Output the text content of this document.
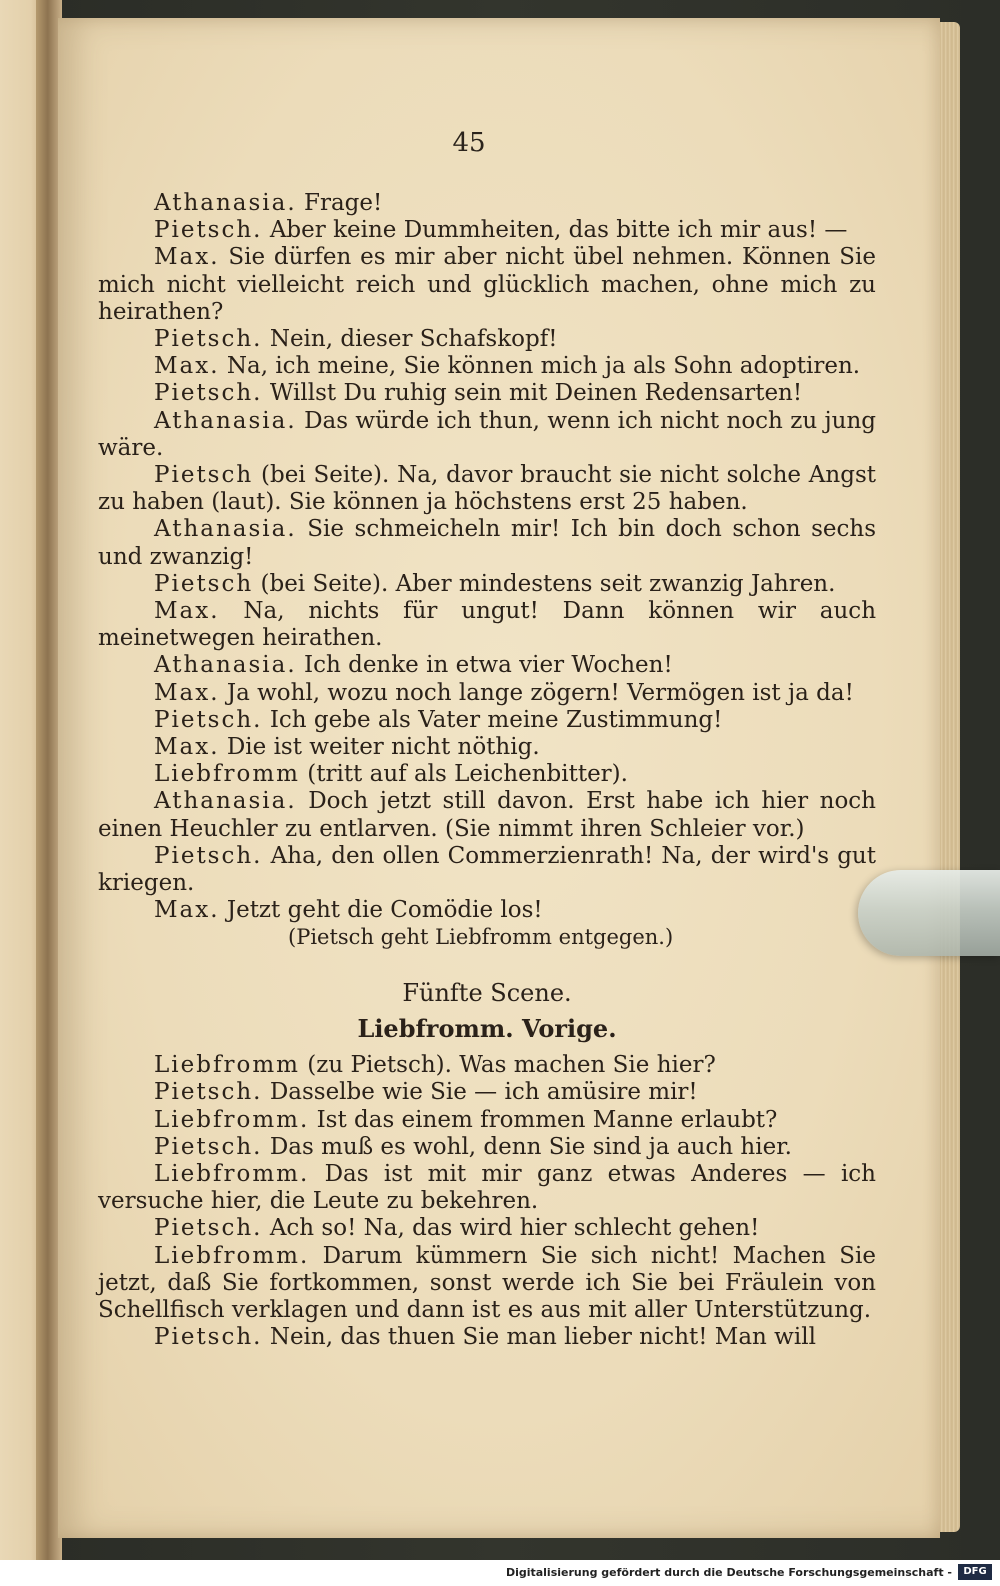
45

Athanasia. Frage!

Pietsch. Aber keine Dummheiten, das bitte ich mir aus! —

Max. Sie dürfen es mir aber nicht übel nehmen. Können Sie mich nicht vielleicht reich und glücklich machen, ohne mich zu heirathen?

Pietsch. Nein, dieser Schafskopf!

Max. Na, ich meine, Sie können mich ja als Sohn adoptiren.

Pietsch. Willst Du ruhig sein mit Deinen Redensarten!

Athanasia. Das würde ich thun, wenn ich nicht noch zu jung wäre.

Pietsch (bei Seite). Na, davor braucht sie nicht solche Angst zu haben (laut). Sie können ja höchstens erst 25 haben.

Athanasia. Sie schmeicheln mir! Ich bin doch schon sechs und zwanzig!

Pietsch (bei Seite). Aber mindestens seit zwanzig Jahren.

Max. Na, nichts für ungut! Dann können wir auch meinetwegen heirathen.

Athanasia. Ich denke in etwa vier Wochen!

Max. Ja wohl, wozu noch lange zögern! Vermögen ist ja da!

Pietsch. Ich gebe als Vater meine Zustimmung!

Max. Die ist weiter nicht nöthig.

Liebfromm (tritt auf als Leichenbitter).

Athanasia. Doch jetzt still davon. Erst habe ich hier noch einen Heuchler zu entlarven. (Sie nimmt ihren Schleier vor.)

Pietsch. Aha, den ollen Commerzienrath! Na, der wird's gut kriegen.

Max. Jetzt geht die Comödie los!

(Pietsch geht Liebfromm entgegen.)

Fünfte Scene.

Liebfromm. Vorige.

Liebfromm (zu Pietsch). Was machen Sie hier?

Pietsch. Dasselbe wie Sie — ich amüsire mir!

Liebfromm. Ist das einem frommen Manne erlaubt?

Pietsch. Das muß es wohl, denn Sie sind ja auch hier.

Liebfromm. Das ist mit mir ganz etwas Anderes — ich versuche hier, die Leute zu bekehren.

Pietsch. Ach so! Na, das wird hier schlecht gehen!

Liebfromm. Darum kümmern Sie sich nicht! Machen Sie jetzt, daß Sie fortkommen, sonst werde ich Sie bei Fräulein von Schellfisch verklagen und dann ist es aus mit aller Unterstützung.

Pietsch. Nein, das thuen Sie man lieber nicht! Man will

Digitalisierung gefördert durch die Deutsche Forschungsgemeinschaft -	DFG
